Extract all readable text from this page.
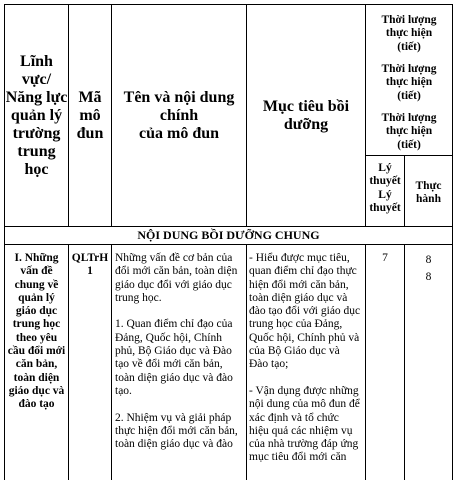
Lĩnh vực/
Năng lực
quản lý
trường
trung học
Mã mô
đun
Tên và nội dung chính
của mô đun
Mục tiêu bồi dưỡng
Thời lượng
thực hiện
(tiết)
Thời lượng
thực hiện
(tiết)
Thời lượng
thực hiện
(tiết)
Lý
thuyết
Lý
thuyết
Thực
hành
NỘI DUNG BỒI DƯỠNG CHUNG
I. Những
vấn đề
chung về
quản lý
giáo dục
trung học
theo yêu
cầu đổi mới
căn bản,
toàn diện
giáo dục và
đào tạo
QLTrH
1
Những vấn đề cơ bản của
đổi mới căn bản, toàn diện
giáo dục đổi với giáo dục
trung học.

1. Quan điểm chỉ đạo của
Đảng, Quốc hội, Chính
phủ, Bộ Giáo dục và Đào
tạo về đổi mới căn bản,
toàn diện giáo dục và đào
tạo.

2. Nhiệm vụ và giải pháp
thực hiện đổi mới căn bản,
toàn diện giáo dục và đào
- Hiểu được mục tiêu,
quan điểm chỉ đạo thực
hiện đổi mới căn bản,
toàn diện giáo dục và
đào tạo đổi với giáo dục
trung học của Đảng,
Quốc hội, Chính phủ và
của Bộ Giáo dục và
Đào tạo;

- Vận dụng được những
nội dung của mô đun để
xác định và tổ chức
hiệu quả các nhiệm vụ
của nhà trường đáp ứng
mục tiêu đổi mới căn
7	8
8
